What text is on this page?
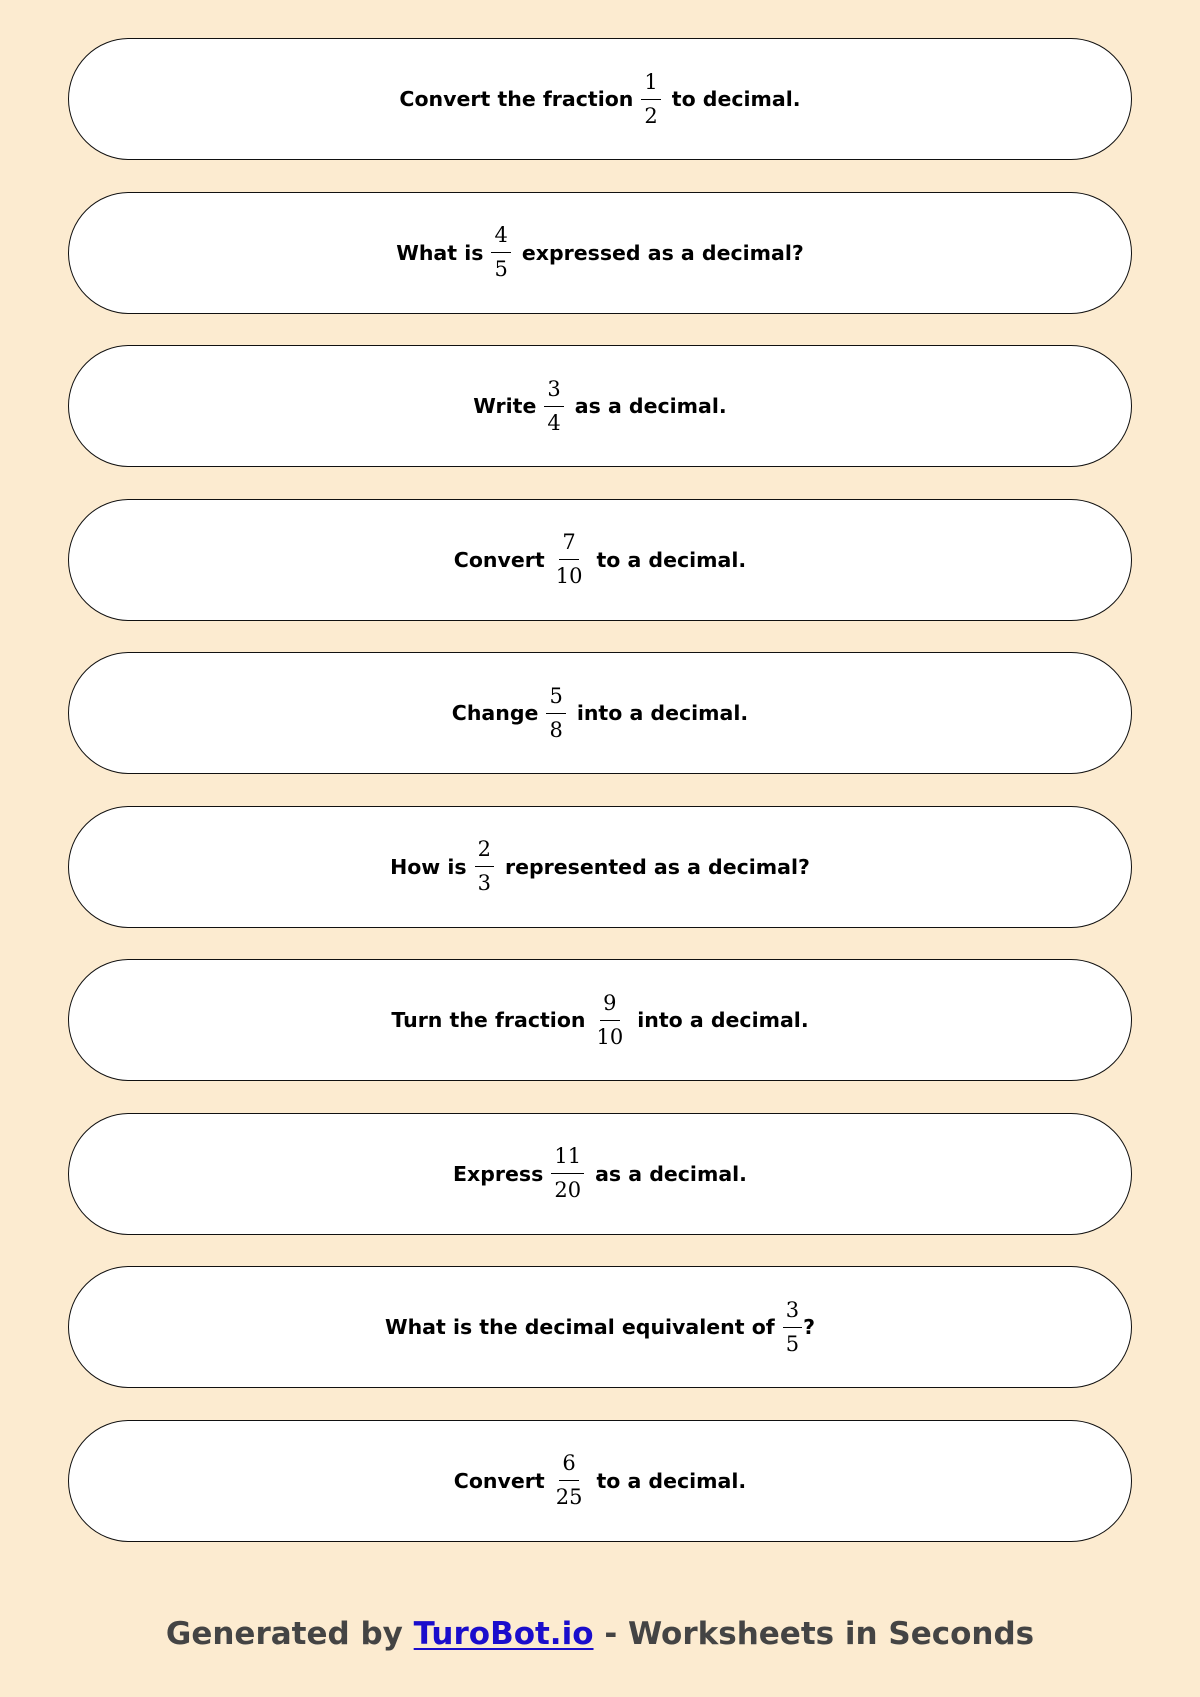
Convert the fraction $\frac{1}{2}$ to decimal.
What is $\frac{4}{5}$ expressed as a decimal?
Write $\frac{3}{4}$ as a decimal.
Convert $\frac{7}{10}$ to a decimal.
Change $\frac{5}{8}$ into a decimal.
How is $\frac{2}{3}$ represented as a decimal?
Turn the fraction $\frac{9}{10}$ into a decimal.
Express $\frac{11}{20}$ as a decimal.
What is the decimal equivalent of $\frac{3}{5}$ ?
Convert $\frac{6}{25}$ to a decimal.
Generated by TuroBot.io - Worksheets in Seconds
